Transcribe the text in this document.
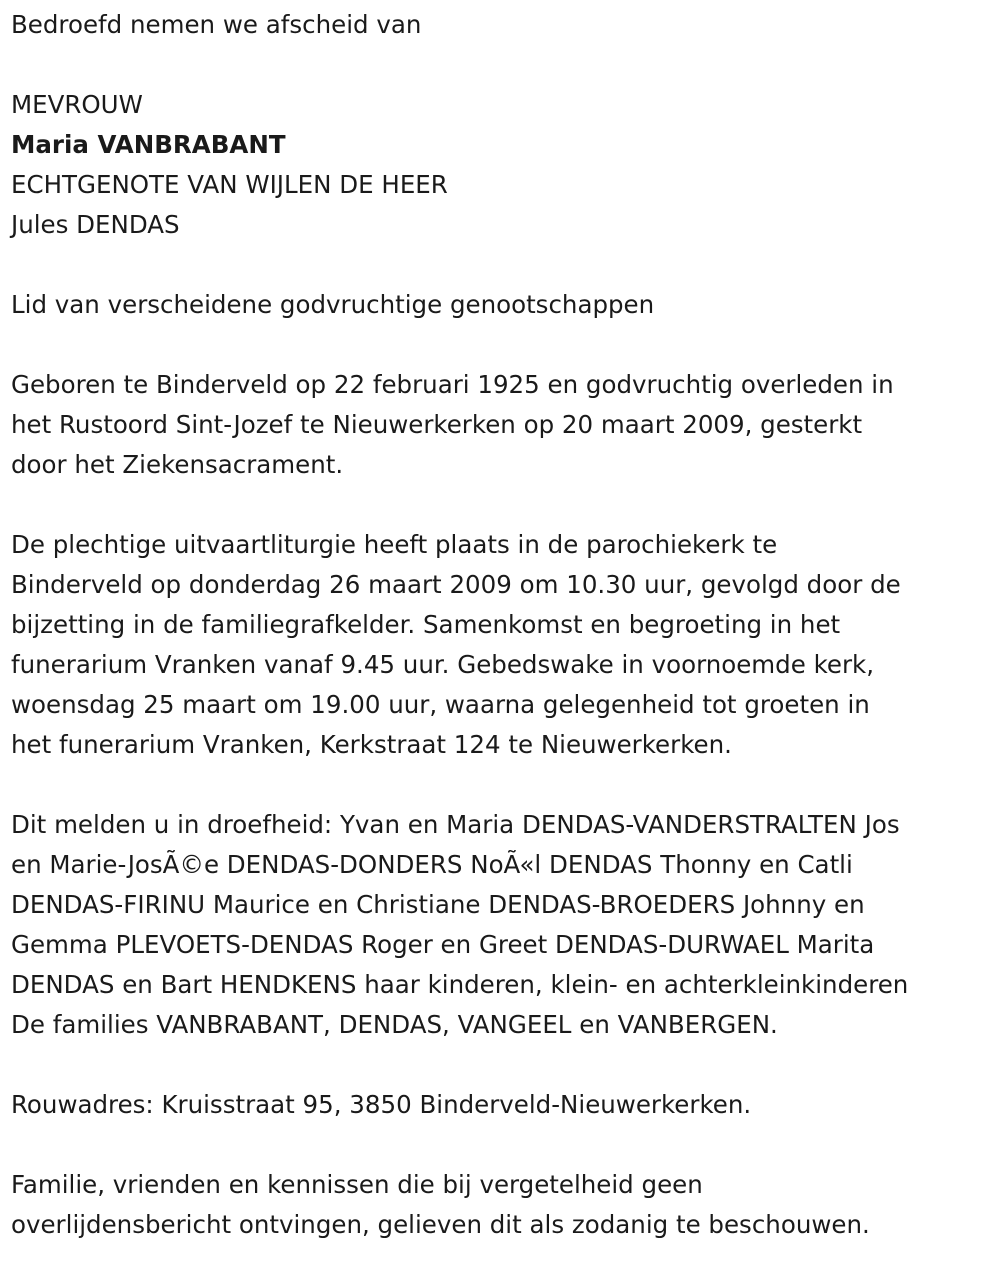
Bedroefd nemen we afscheid van
MEVROUW
Maria VANBRABANT
ECHTGENOTE VAN WIJLEN DE HEER
Jules DENDAS
Lid van verscheidene godvruchtige genootschappen
Geboren te Binderveld op 22 februari 1925 en godvruchtig overleden in
het Rustoord Sint-Jozef te Nieuwerkerken op 20 maart 2009, gesterkt
door het Ziekensacrament.
De plechtige uitvaartliturgie heeft plaats in de parochiekerk te
Binderveld op donderdag 26 maart 2009 om 10.30 uur, gevolgd door de
bijzetting in de familiegrafkelder. Samenkomst en begroeting in het
funerarium Vranken vanaf 9.45 uur. Gebedswake in voornoemde kerk,
woensdag 25 maart om 19.00 uur, waarna gelegenheid tot groeten in
het funerarium Vranken, Kerkstraat 124 te Nieuwerkerken.
Dit melden u in droefheid: Yvan en Maria DENDAS-VANDERSTRALTEN Jos
en Marie-JosÃ©e DENDAS-DONDERS NoÃ«l DENDAS Thonny en Catli
DENDAS-FIRINU Maurice en Christiane DENDAS-BROEDERS Johnny en
Gemma PLEVOETS-DENDAS Roger en Greet DENDAS-DURWAEL Marita
DENDAS en Bart HENDKENS haar kinderen, klein- en achterkleinkinderen
De families VANBRABANT, DENDAS, VANGEEL en VANBERGEN.
Rouwadres: Kruisstraat 95, 3850 Binderveld-Nieuwerkerken.
Familie, vrienden en kennissen die bij vergetelheid geen
overlijdensbericht ontvingen, gelieven dit als zodanig te beschouwen.
